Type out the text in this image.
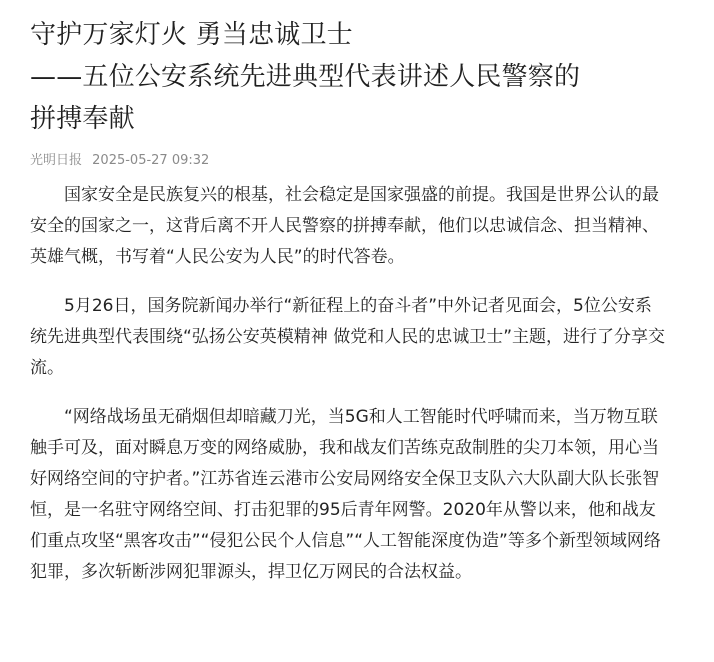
守护万家灯火 勇当忠诚卫士
——五位公安系统先进典型代表讲述人民警察的
拼搏奉献
光明日报 2025-05-27 09:32

国家安全是民族复兴的根基，社会稳定是国家强盛的前提。我国是世界公认的最安全的国家之一，这背后离不开人民警察的拼搏奉献，他们以忠诚信念、担当精神、英雄气概，书写着“人民公安为人民”的时代答卷。

5月26日，国务院新闻办举行“新征程上的奋斗者”中外记者见面会，5位公安系统先进典型代表围绕“弘扬公安英模精神 做党和人民的忠诚卫士”主题，进行了分享交流。

“网络战场虽无硝烟但却暗藏刀光，当5G和人工智能时代呼啸而来，当万物互联触手可及，面对瞬息万变的网络威胁，我和战友们苦练克敌制胜的尖刀本领，用心当好网络空间的守护者。”江苏省连云港市公安局网络安全保卫支队六大队副大队长张智恒，是一名驻守网络空间、打击犯罪的95后青年网警。2020年从警以来，他和战友们重点攻坚“黑客攻击”“侵犯公民个人信息”“人工智能深度伪造”等多个新型领域网络犯罪，多次斩断涉网犯罪源头，捍卫亿万网民的合法权益。
